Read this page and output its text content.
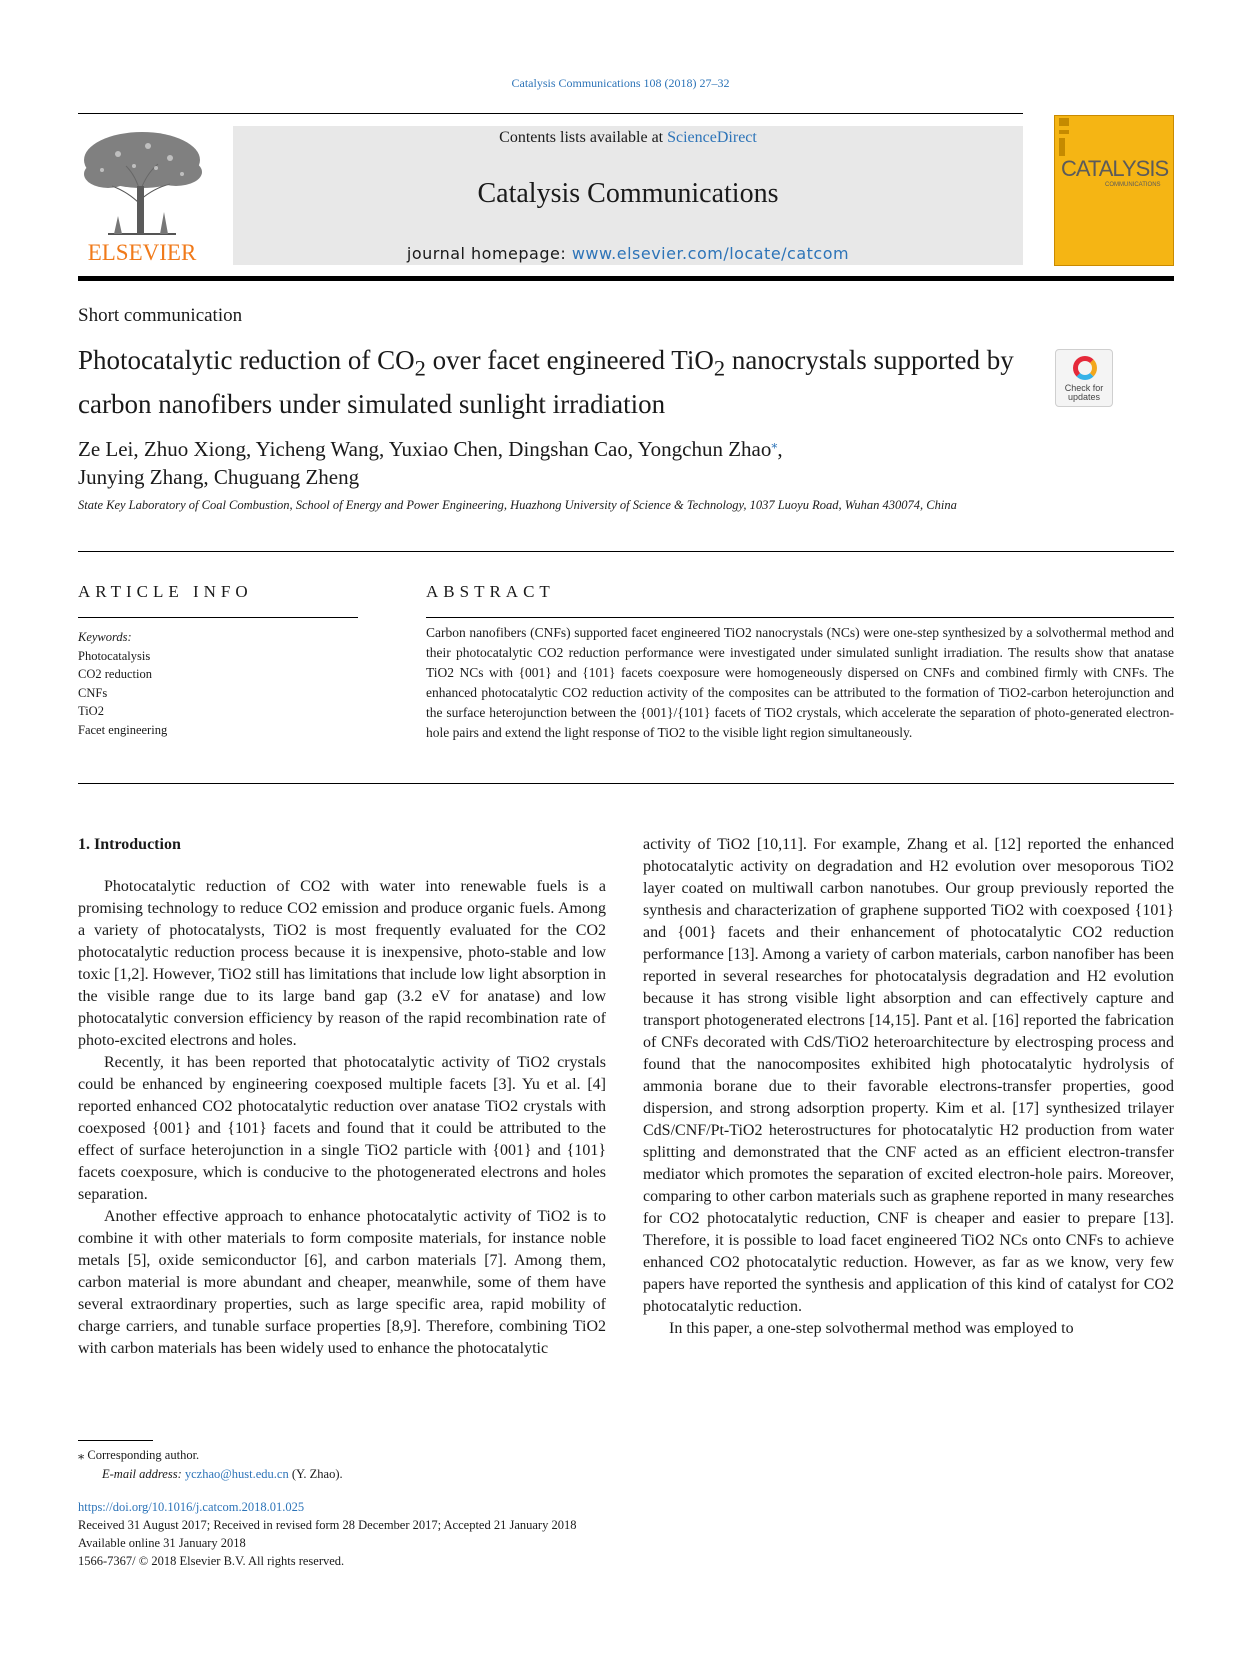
Catalysis Communications 108 (2018) 27–32
ELSEVIER
Contents lists available at ScienceDirect
Catalysis Communications
journal homepage: www.elsevier.com/locate/catcom
CATALYSIS
COMMUNICATIONS
Short communication
Photocatalytic reduction of $CO_2$ over facet engineered TiO$_2$ nanocrystals supported by carbon nanofibers under simulated sunlight irradiation
Check for
updates
Ze Lei, Zhuo Xiong, Yicheng Wang, Yuxiao Chen, Dingshan Cao, Yongchun Zhao⁎,
Junying Zhang, Chuguang Zheng
State Key Laboratory of Coal Combustion, School of Energy and Power Engineering, Huazhong University of Science & Technology, 1037 Luoyu Road, Wuhan 430074, China
ARTICLE INFO	ABSTRACT
Keywords:
Photocatalysis
CO2 reduction
CNFs
TiO2
Facet engineering
Carbon nanofibers (CNFs) supported facet engineered TiO2 nanocrystals (NCs) were one-step synthesized by a solvothermal method and their photocatalytic CO2 reduction performance were investigated under simulated sunlight irradiation. The results show that anatase TiO2 NCs with {001} and {101} facets coexposure were homogeneously dispersed on CNFs and combined firmly with CNFs. The enhanced photocatalytic CO2 reduction activity of the composites can be attributed to the formation of TiO2-carbon heterojunction and the surface heterojunction between the {001}/{101} facets of TiO2 crystals, which accelerate the separation of photo-generated electron-hole pairs and extend the light response of TiO2 to the visible light region simultaneously.
1. Introduction

Photocatalytic reduction of CO2 with water into renewable fuels is a promising technology to reduce CO2 emission and produce organic fuels. Among a variety of photocatalysts, TiO2 is most frequently evaluated for the CO2 photocatalytic reduction process because it is inexpensive, photo-stable and low toxic [1,2]. However, TiO2 still has limitations that include low light absorption in the visible range due to its large band gap (3.2 eV for anatase) and low photocatalytic conversion efficiency by reason of the rapid recombination rate of photo-excited electrons and holes.

Recently, it has been reported that photocatalytic activity of TiO2 crystals could be enhanced by engineering coexposed multiple facets [3]. Yu et al. [4] reported enhanced CO2 photocatalytic reduction over anatase TiO2 crystals with coexposed {001} and {101} facets and found that it could be attributed to the effect of surface heterojunction in a single TiO2 particle with {001} and {101} facets coexposure, which is conducive to the photogenerated electrons and holes separation.

Another effective approach to enhance photocatalytic activity of TiO2 is to combine it with other materials to form composite materials, for instance noble metals [5], oxide semiconductor [6], and carbon materials [7]. Among them, carbon material is more abundant and cheaper, meanwhile, some of them have several extraordinary properties, such as large specific area, rapid mobility of charge carriers, and tunable surface properties [8,9]. Therefore, combining TiO2 with carbon materials has been widely used to enhance the photocatalytic

activity of TiO2 [10,11]. For example, Zhang et al. [12] reported the enhanced photocatalytic activity on degradation and H2 evolution over mesoporous TiO2 layer coated on multiwall carbon nanotubes. Our group previously reported the synthesis and characterization of graphene supported TiO2 with coexposed {101} and {001} facets and their enhancement of photocatalytic CO2 reduction performance [13]. Among a variety of carbon materials, carbon nanofiber has been reported in several researches for photocatalysis degradation and H2 evolution because it has strong visible light absorption and can effectively capture and transport photogenerated electrons [14,15]. Pant et al. [16] reported the fabrication of CNFs decorated with CdS/TiO2 heteroarchitecture by electrosping process and found that the nanocomposites exhibited high photocatalytic hydrolysis of ammonia borane due to their favorable electrons-transfer properties, good dispersion, and strong adsorption property. Kim et al. [17] synthesized trilayer CdS/CNF/Pt-TiO2 heterostructures for photocatalytic H2 production from water splitting and demonstrated that the CNF acted as an efficient electron-transfer mediator which promotes the separation of excited electron-hole pairs. Moreover, comparing to other carbon materials such as graphene reported in many researches for CO2 photocatalytic reduction, CNF is cheaper and easier to prepare [13]. Therefore, it is possible to load facet engineered TiO2 NCs onto CNFs to achieve enhanced CO2 photocatalytic reduction. However, as far as we know, very few papers have reported the synthesis and application of this kind of catalyst for CO2 photocatalytic reduction.

In this paper, a one-step solvothermal method was employed to

⁎ Corresponding author.
E-mail address: yczhao@hust.edu.cn (Y. Zhao).
https://doi.org/10.1016/j.catcom.2018.01.025
Received 31 August 2017; Received in revised form 28 December 2017; Accepted 21 January 2018
Available online 31 January 2018
1566-7367/ © 2018 Elsevier B.V. All rights reserved.
